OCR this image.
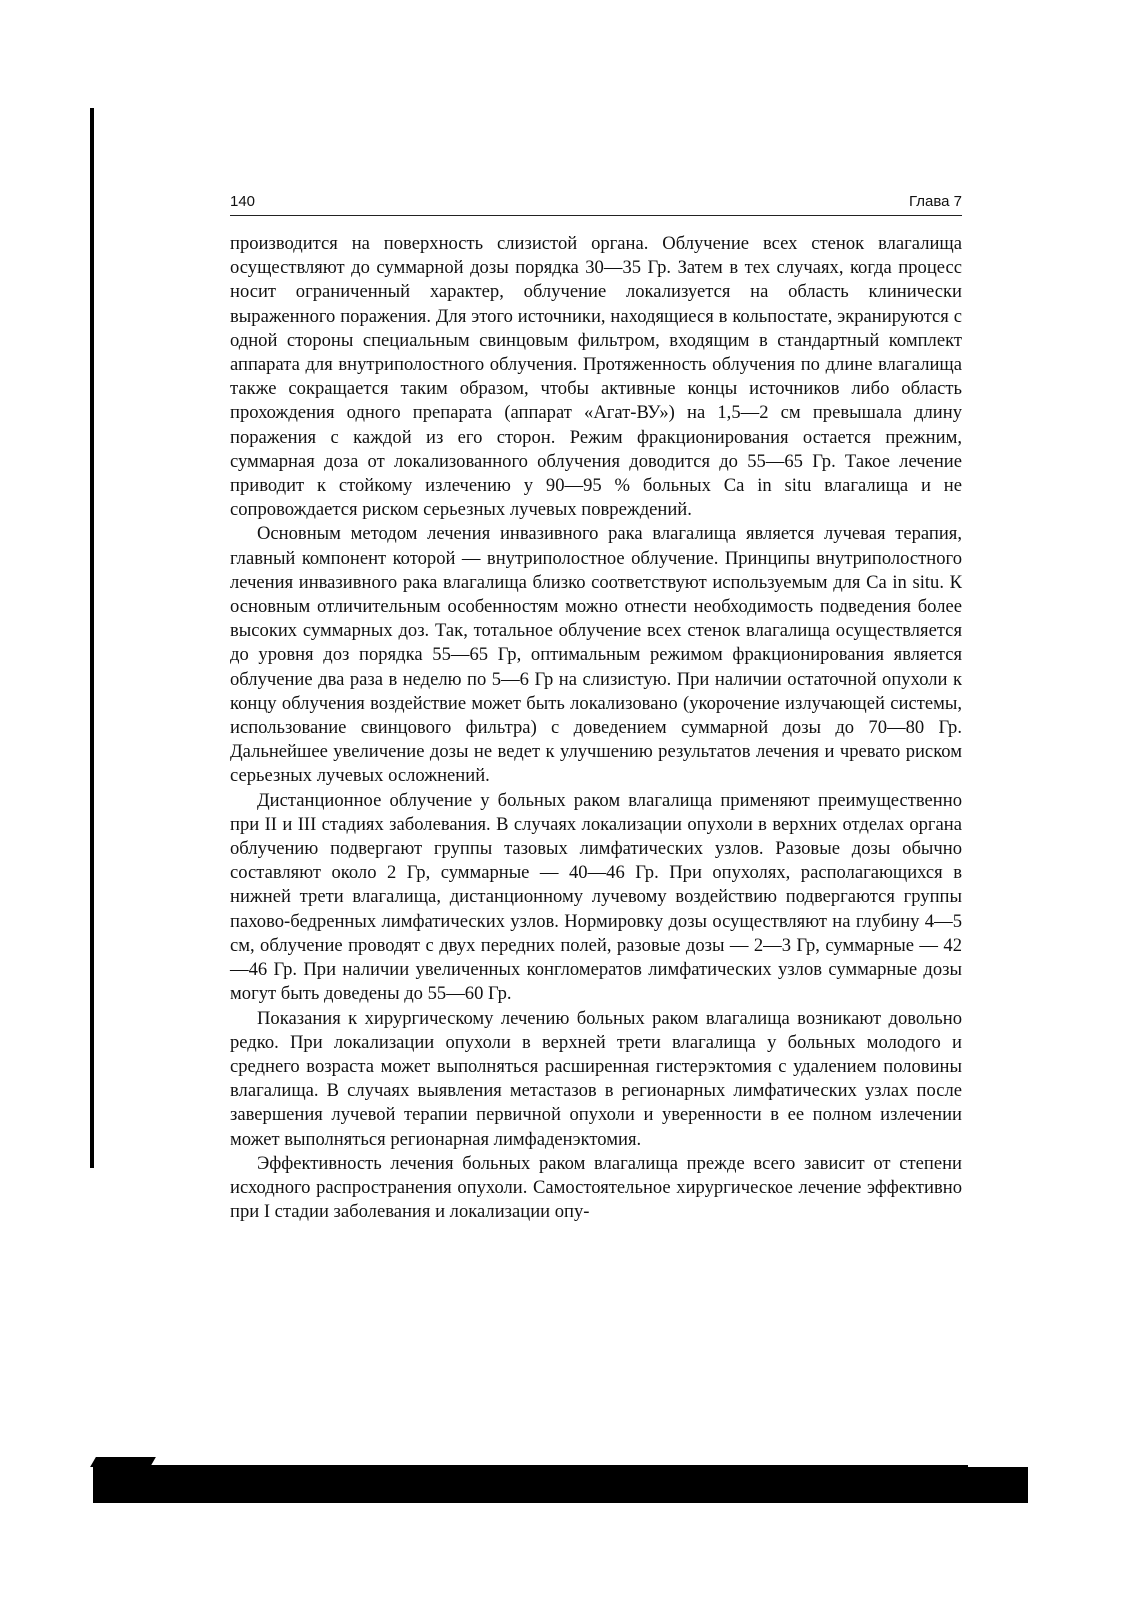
140	Глава 7

производится на поверхность слизистой органа. Облучение всех стенок влагалища осуществляют до суммарной дозы порядка 30—35 Гр. Затем в тех случаях, когда процесс носит ограниченный характер, облучение локализуется на область клинически выраженного поражения. Для этого источники, находящиеся в кольпостате, экранируются с одной стороны специальным свинцовым фильтром, входящим в стандартный комплект аппарата для внутриполостного облучения. Протяженность облучения по длине влагалища также сокращается таким образом, чтобы активные концы источников либо область прохождения одного препарата (аппарат «Агат-ВУ») на 1,5—2 см превышала длину поражения с каждой из его сторон. Режим фракционирования остается прежним, суммарная доза от локализованного облучения доводится до 55—65 Гр. Такое лечение приводит к стойкому излечению у 90—95 % больных Ca in situ влагалища и не сопровождается риском серьезных лучевых повреждений.

Основным методом лечения инвазивного рака влагалища является лучевая терапия, главный компонент которой — внутриполостное облучение. Принципы внутриполостного лечения инвазивного рака влагалища близко соответствуют используемым для Ca in situ. К основным отличительным особенностям можно отнести необходимость подведения более высоких суммарных доз. Так, тотальное облучение всех стенок влагалища осуществляется до уровня доз порядка 55—65 Гр, оптимальным режимом фракционирования является облучение два раза в неделю по 5—6 Гр на слизистую. При наличии остаточной опухоли к концу облучения воздействие может быть локализовано (укорочение излучающей системы, использование свинцового фильтра) с доведением суммарной дозы до 70—80 Гр. Дальнейшее увеличение дозы не ведет к улучшению результатов лечения и чревато риском серьезных лучевых осложнений.

Дистанционное облучение у больных раком влагалища применяют преимущественно при II и III стадиях заболевания. В случаях локализации опухоли в верхних отделах органа облучению подвергают группы тазовых лимфатических узлов. Разовые дозы обычно составляют около 2 Гр, суммарные — 40—46 Гр. При опухолях, располагающихся в нижней трети влагалища, дистанционному лучевому воздействию подвергаются группы пахово-бедренных лимфатических узлов. Нормировку дозы осуществляют на глубину 4—5 см, облучение проводят с двух передних полей, разовые дозы — 2—3 Гр, суммарные — 42—46 Гр. При наличии увеличенных конгломератов лимфатических узлов суммарные дозы могут быть доведены до 55—60 Гр.

Показания к хирургическому лечению больных раком влагалища возникают довольно редко. При локализации опухоли в верхней трети влагалища у больных молодого и среднего возраста может выполняться расширенная гистерэктомия с удалением половины влагалища. В случаях выявления метастазов в регионарных лимфатических узлах после завершения лучевой терапии первичной опухоли и уверенности в ее полном излечении может выполняться регионарная лимфаденэктомия.

Эффективность лечения больных раком влагалища прежде всего зависит от степени исходного распространения опухоли. Самостоятельное хирургическое лечение эффективно при I стадии заболевания и локализации опу-
